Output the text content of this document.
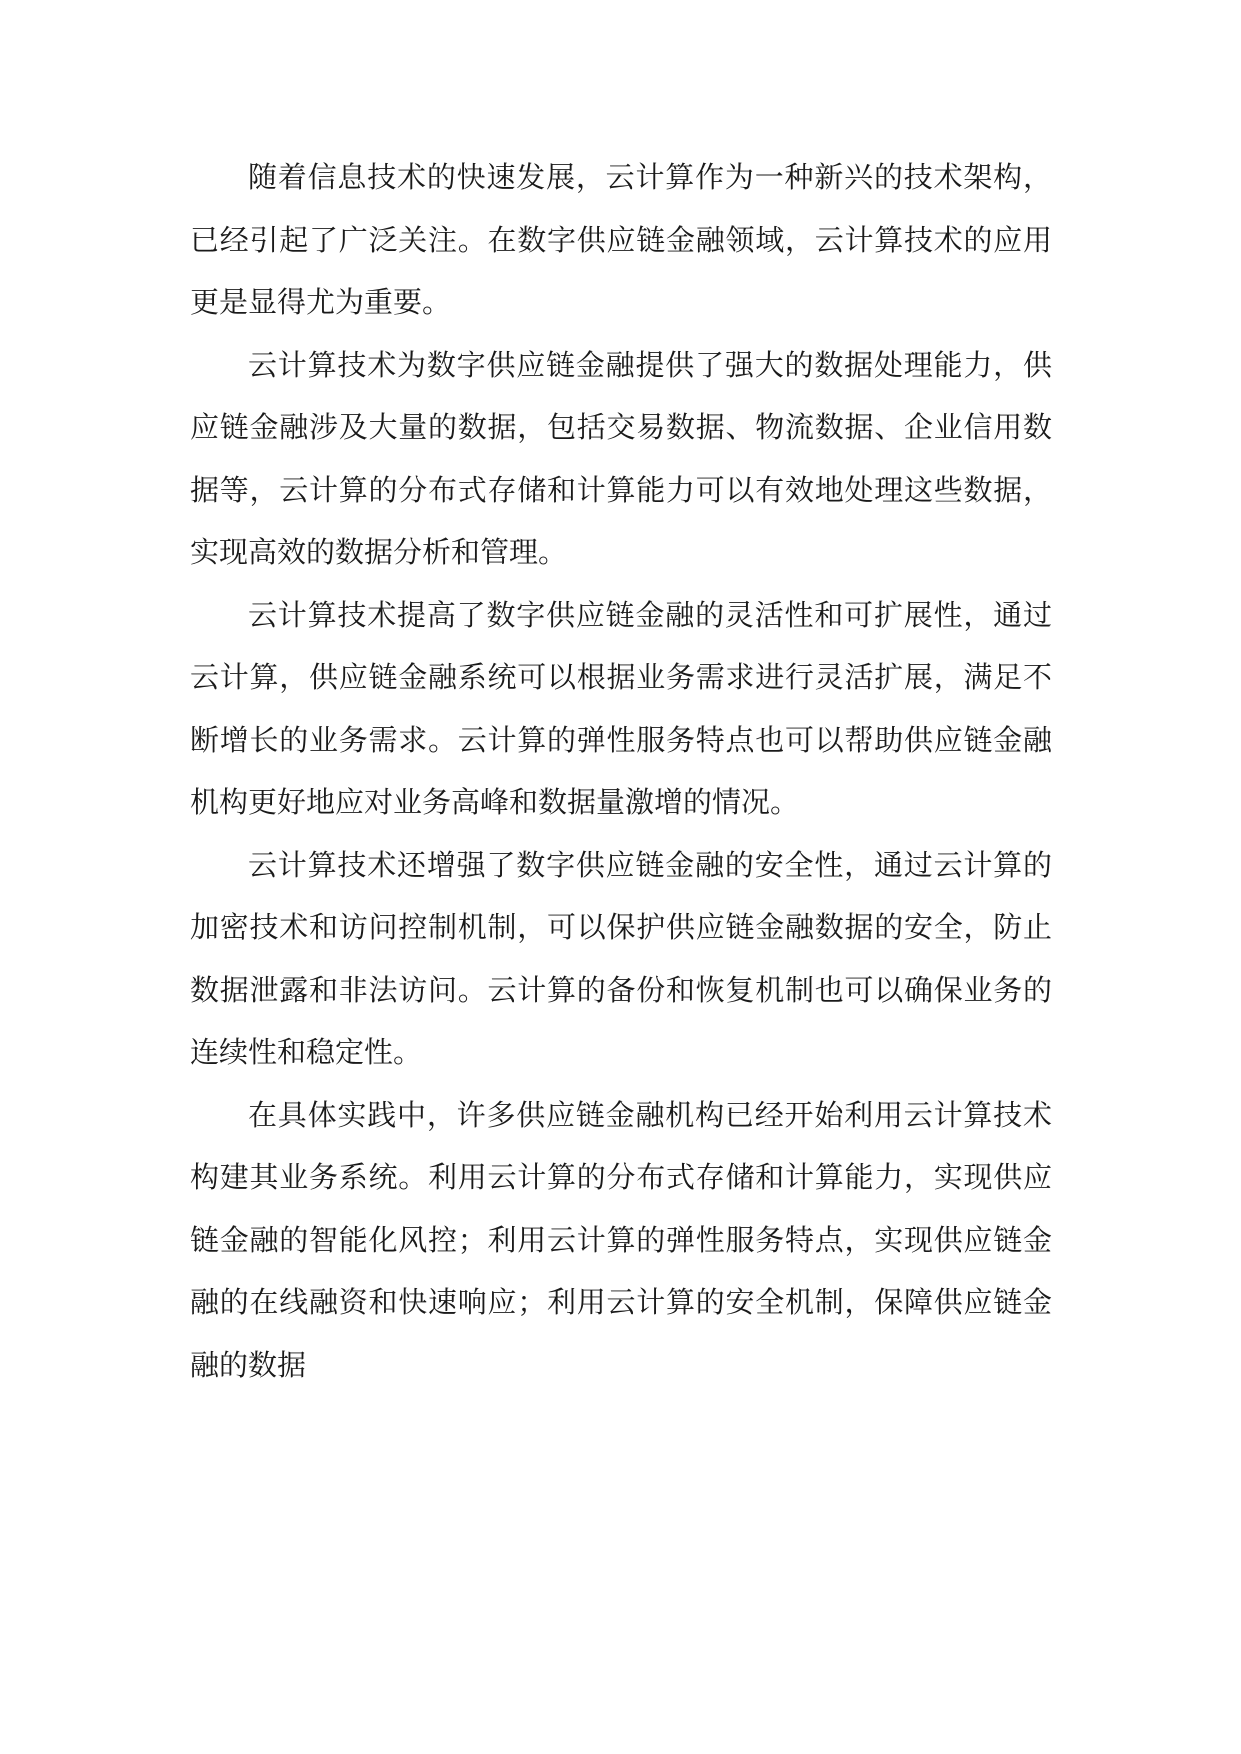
随着信息技术的快速发展，云计算作为一种新兴的技术架构，已经引起了广泛关注。在数字供应链金融领域，云计算技术的应用更是显得尤为重要。

云计算技术为数字供应链金融提供了强大的数据处理能力，供应链金融涉及大量的数据，包括交易数据、物流数据、企业信用数据等，云计算的分布式存储和计算能力可以有效地处理这些数据，实现高效的数据分析和管理。

云计算技术提高了数字供应链金融的灵活性和可扩展性，通过云计算，供应链金融系统可以根据业务需求进行灵活扩展，满足不断增长的业务需求。云计算的弹性服务特点也可以帮助供应链金融机构更好地应对业务高峰和数据量激增的情况。

云计算技术还增强了数字供应链金融的安全性，通过云计算的加密技术和访问控制机制，可以保护供应链金融数据的安全，防止数据泄露和非法访问。云计算的备份和恢复机制也可以确保业务的连续性和稳定性。

在具体实践中，许多供应链金融机构已经开始利用云计算技术构建其业务系统。利用云计算的分布式存储和计算能力，实现供应链金融的智能化风控；利用云计算的弹性服务特点，实现供应链金融的在线融资和快速响应；利用云计算的安全机制，保障供应链金融的数据
